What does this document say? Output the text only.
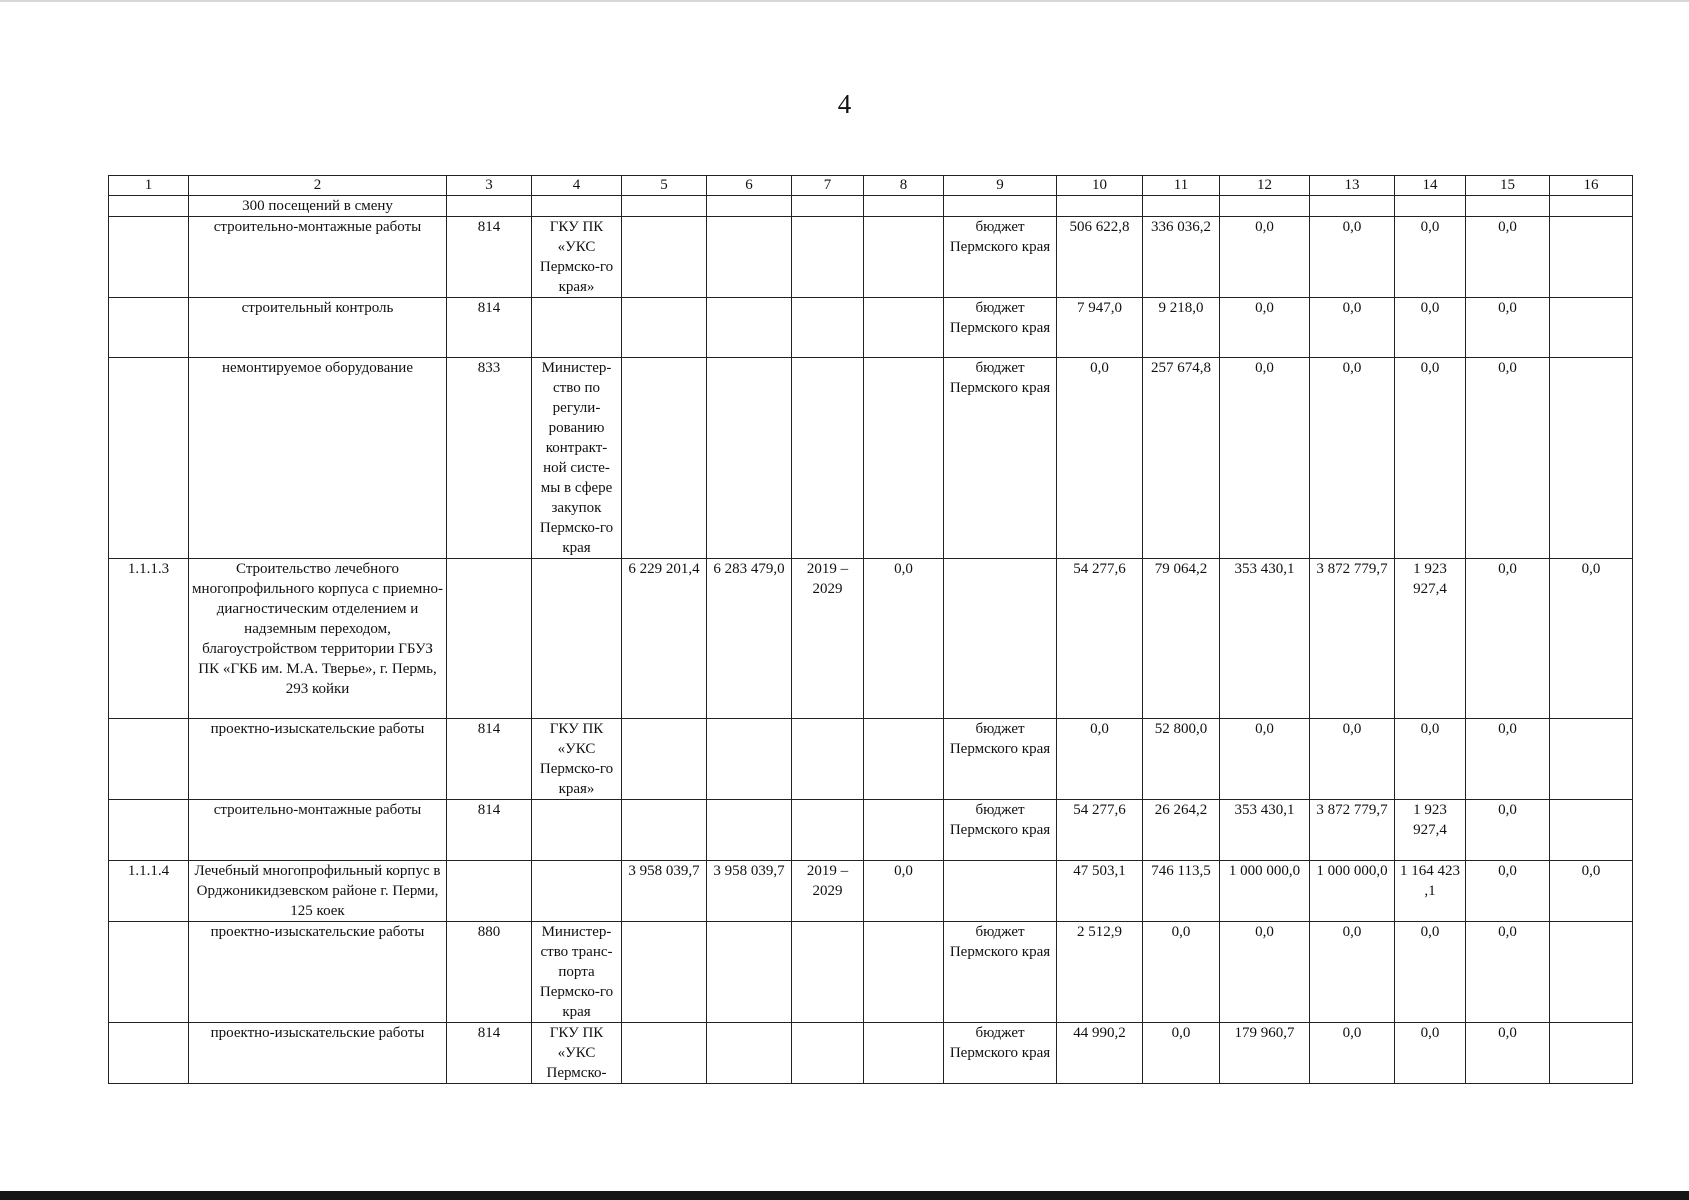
4
1	2	3	4	5	6	7	8	9	10	11	12	13	14	15	16
	300 посещений в смену														
	строительно-монтажные работы	814	ГКУ ПК «УКС Пермско-го края»					бюджет Пермского края	506 622,8	336 036,2	0,0	0,0	0,0	0,0	
	строительный контроль	814						бюджет Пермского края	7 947,0	9 218,0	0,0	0,0	0,0	0,0	
	немонтируемое оборудование	833	Министер-ство по регули-рованию контракт-ной систе-мы в сфере закупок Пермско-го края					бюджет Пермского края	0,0	257 674,8	0,0	0,0	0,0	0,0	
1.1.1.3	Строительство лечебного многопрофильного корпуса с приемно-диагностическим отделением и надземным переходом, благоустройством территории ГБУЗ ПК «ГКБ им. М.А. Тверье», г. Пермь, 293 койки			6 229 201,4	6 283 479,0	2019 – 2029	0,0		54 277,6	79 064,2	353 430,1	3 872 779,7	1 923 927,4	0,0	0,0
	проектно-изыскательские работы	814	ГКУ ПК «УКС Пермско-го края»					бюджет Пермского края	0,0	52 800,0	0,0	0,0	0,0	0,0	
	строительно-монтажные работы	814						бюджет Пермского края	54 277,6	26 264,2	353 430,1	3 872 779,7	1 923 927,4	0,0	
1.1.1.4	Лечебный многопрофильный корпус в Орджоникидзевском районе г. Перми, 125 коек			3 958 039,7	3 958 039,7	2019 – 2029	0,0		47 503,1	746 113,5	1 000 000,0	1 000 000,0	1 164 423 ,1	0,0	0,0
	проектно-изыскательские работы	880	Министер-ство транс-порта Пермско-го края					бюджет Пермского края	2 512,9	0,0	0,0	0,0	0,0	0,0	
	проектно-изыскательские работы	814	ГКУ ПК «УКС Пермско-					бюджет Пермского края	44 990,2	0,0	179 960,7	0,0	0,0	0,0	
